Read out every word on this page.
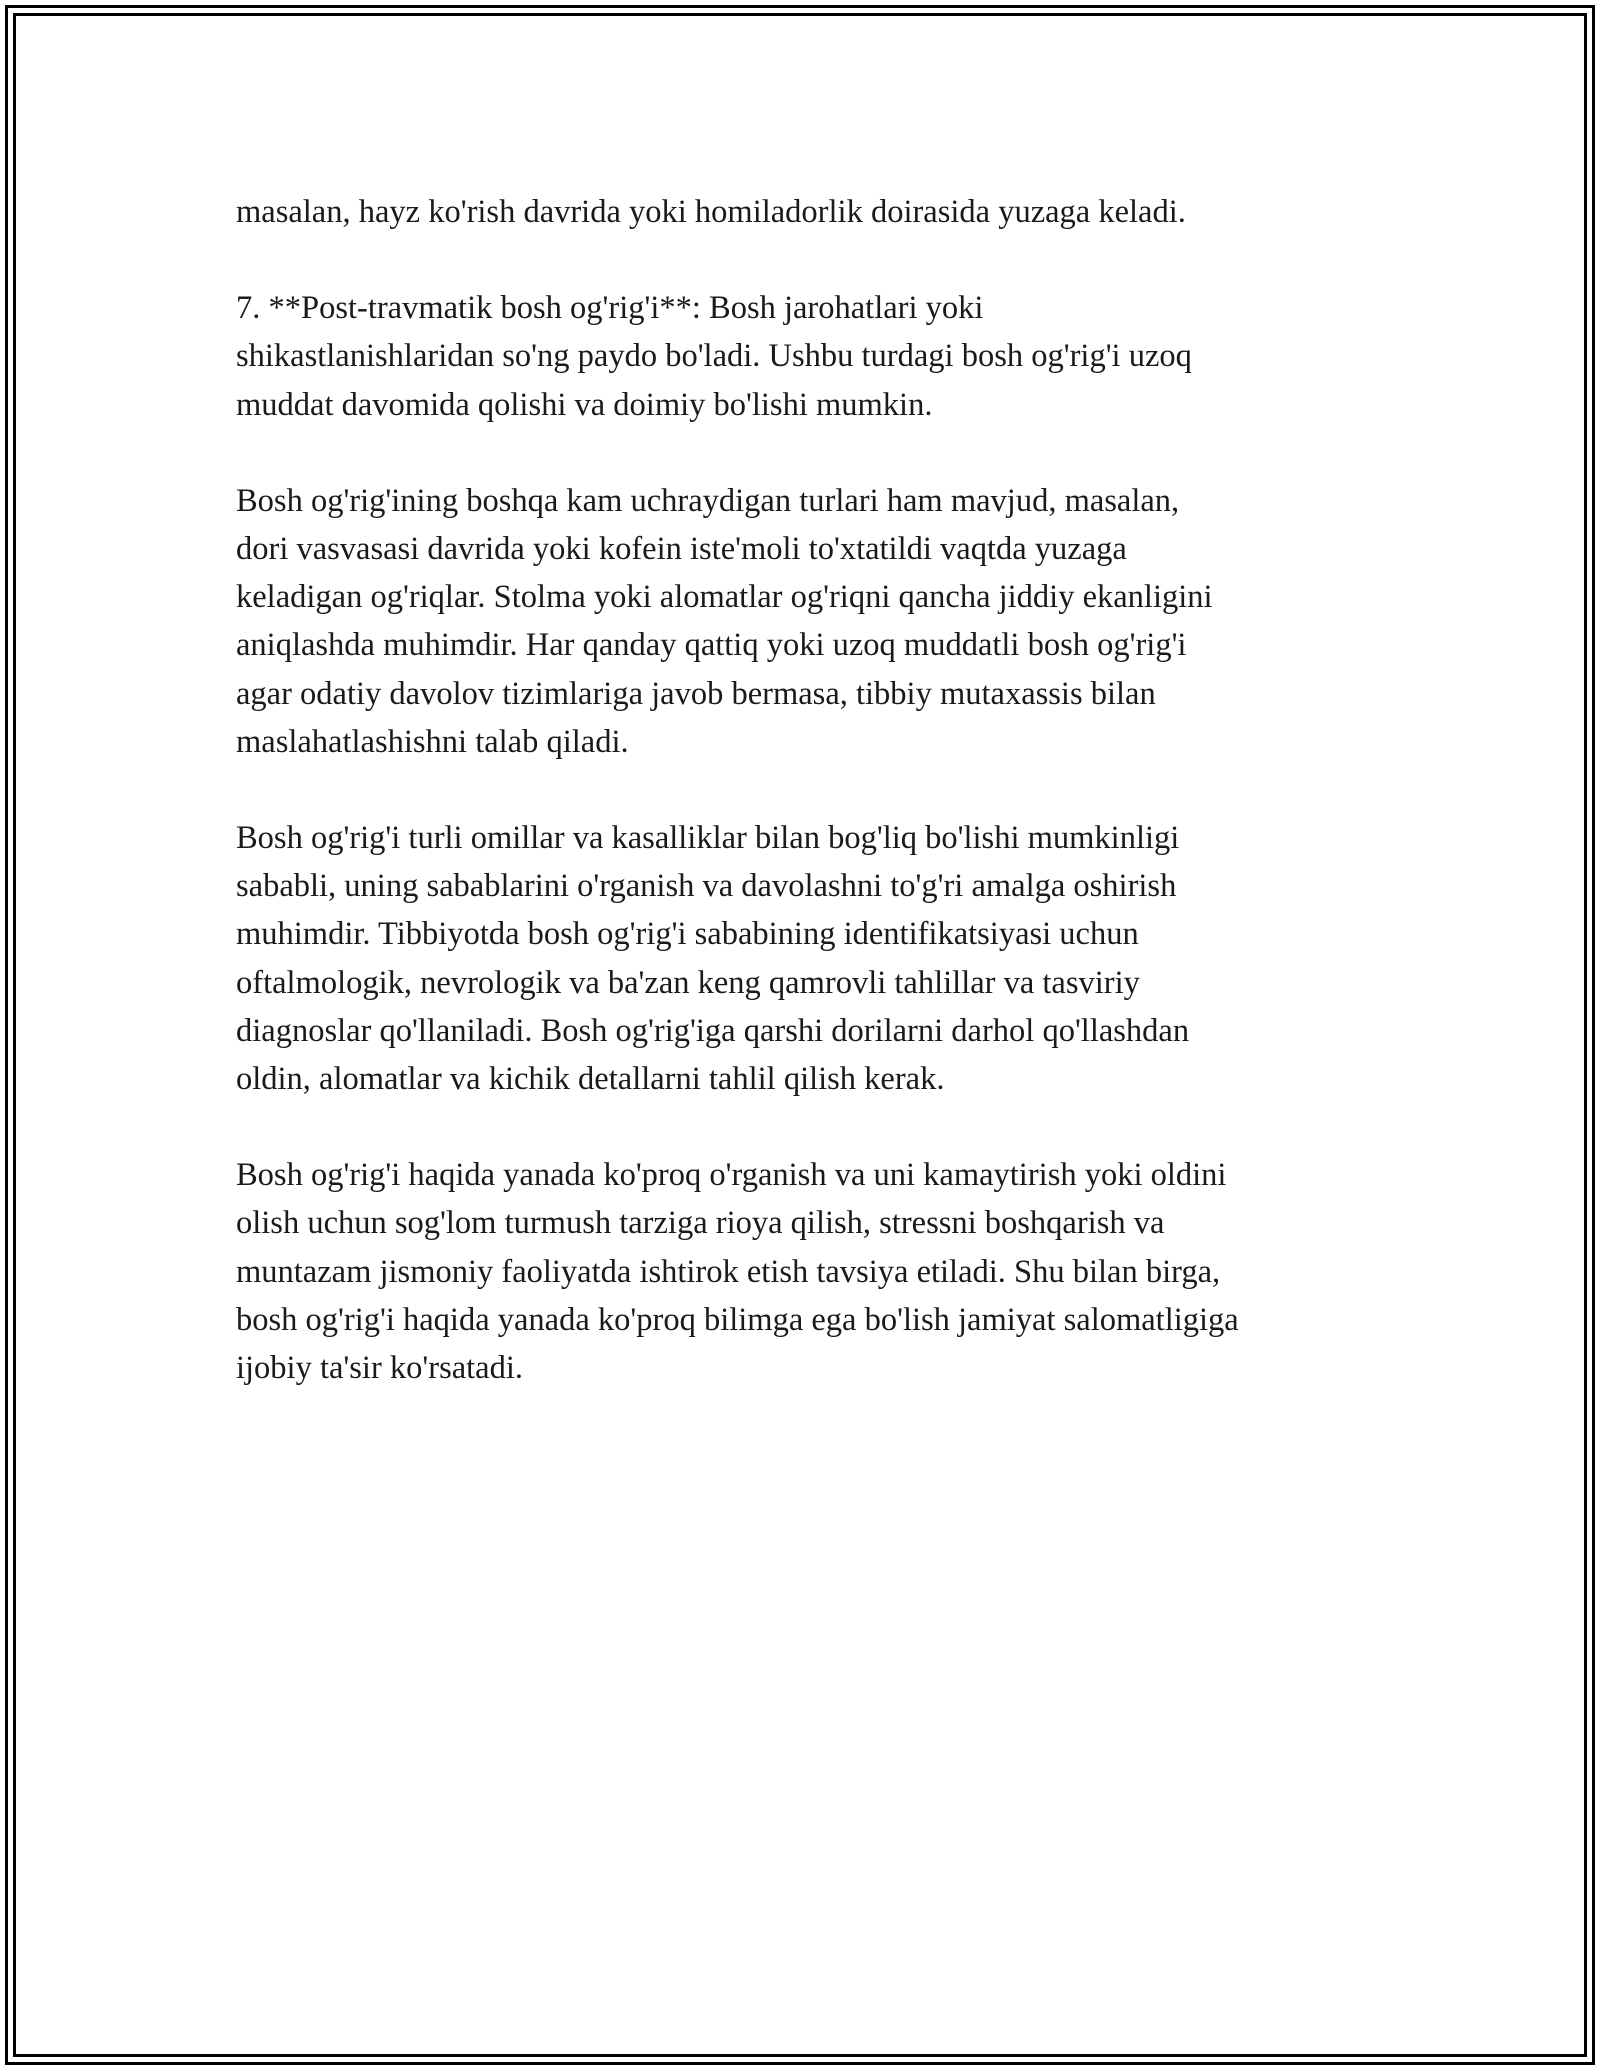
masalan, hayz ko'rish davrida yoki homiladorlik doirasida yuzaga keladi.

7. **Post-travmatik bosh og'rig'i**: Bosh jarohatlari yoki
shikastlanishlaridan so'ng paydo bo'ladi. Ushbu turdagi bosh og'rig'i uzoq
muddat davomida qolishi va doimiy bo'lishi mumkin.

Bosh og'rig'ining boshqa kam uchraydigan turlari ham mavjud, masalan,
dori vasvasasi davrida yoki kofein iste'moli to'xtatildi vaqtda yuzaga
keladigan og'riqlar. Stolma yoki alomatlar og'riqni qancha jiddiy ekanligini
aniqlashda muhimdir. Har qanday qattiq yoki uzoq muddatli bosh og'rig'i
agar odatiy davolov tizimlariga javob bermasa, tibbiy mutaxassis bilan
maslahatlashishni talab qiladi.

Bosh og'rig'i turli omillar va kasalliklar bilan bog'liq bo'lishi mumkinligi
sababli, uning sabablarini o'rganish va davolashni to'g'ri amalga oshirish
muhimdir. Tibbiyotda bosh og'rig'i sababining identifikatsiyasi uchun
oftalmologik, nevrologik va ba'zan keng qamrovli tahlillar va tasviriy
diagnoslar qo'llaniladi. Bosh og'rig'iga qarshi dorilarni darhol qo'llashdan
oldin, alomatlar va kichik detallarni tahlil qilish kerak.

Bosh og'rig'i haqida yanada ko'proq o'rganish va uni kamaytirish yoki oldini
olish uchun sog'lom turmush tarziga rioya qilish, stressni boshqarish va
muntazam jismoniy faoliyatda ishtirok etish tavsiya etiladi. Shu bilan birga,
bosh og'rig'i haqida yanada ko'proq bilimga ega bo'lish jamiyat salomatligiga
ijobiy ta'sir ko'rsatadi.
